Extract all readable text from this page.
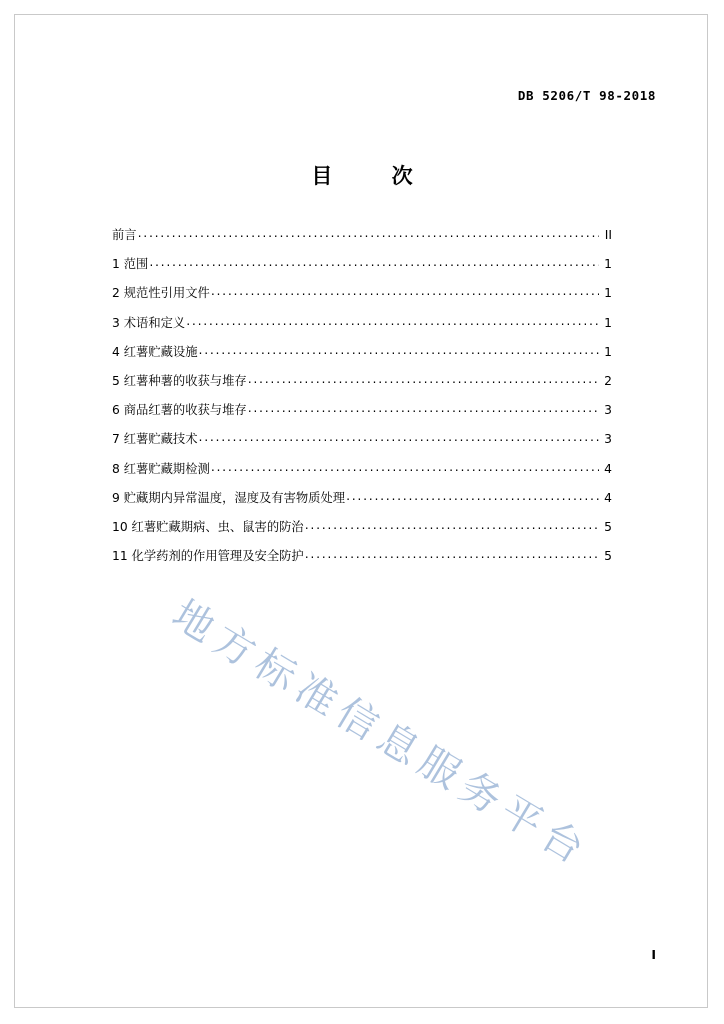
DB 5206/T 98-2018
目 次
前言 .....	II
1 范围 .....	1
2 规范性引用文件 .....	1
3 术语和定义 .....	1
4 红薯贮藏设施 .....	1
5 红薯种薯的收获与堆存 .....	2
6 商品红薯的收获与堆存 .....	3
7 红薯贮藏技术 .....	3
8 红薯贮藏期检测 .....	4
9 贮藏期内异常温度，湿度及有害物质处理 .....	4
10 红薯贮藏期病、虫、鼠害的防治 .....	5
11 化学药剂的作用管理及安全防护 .....	5
地
方
标
准
信
息
服
务
平
台
I
